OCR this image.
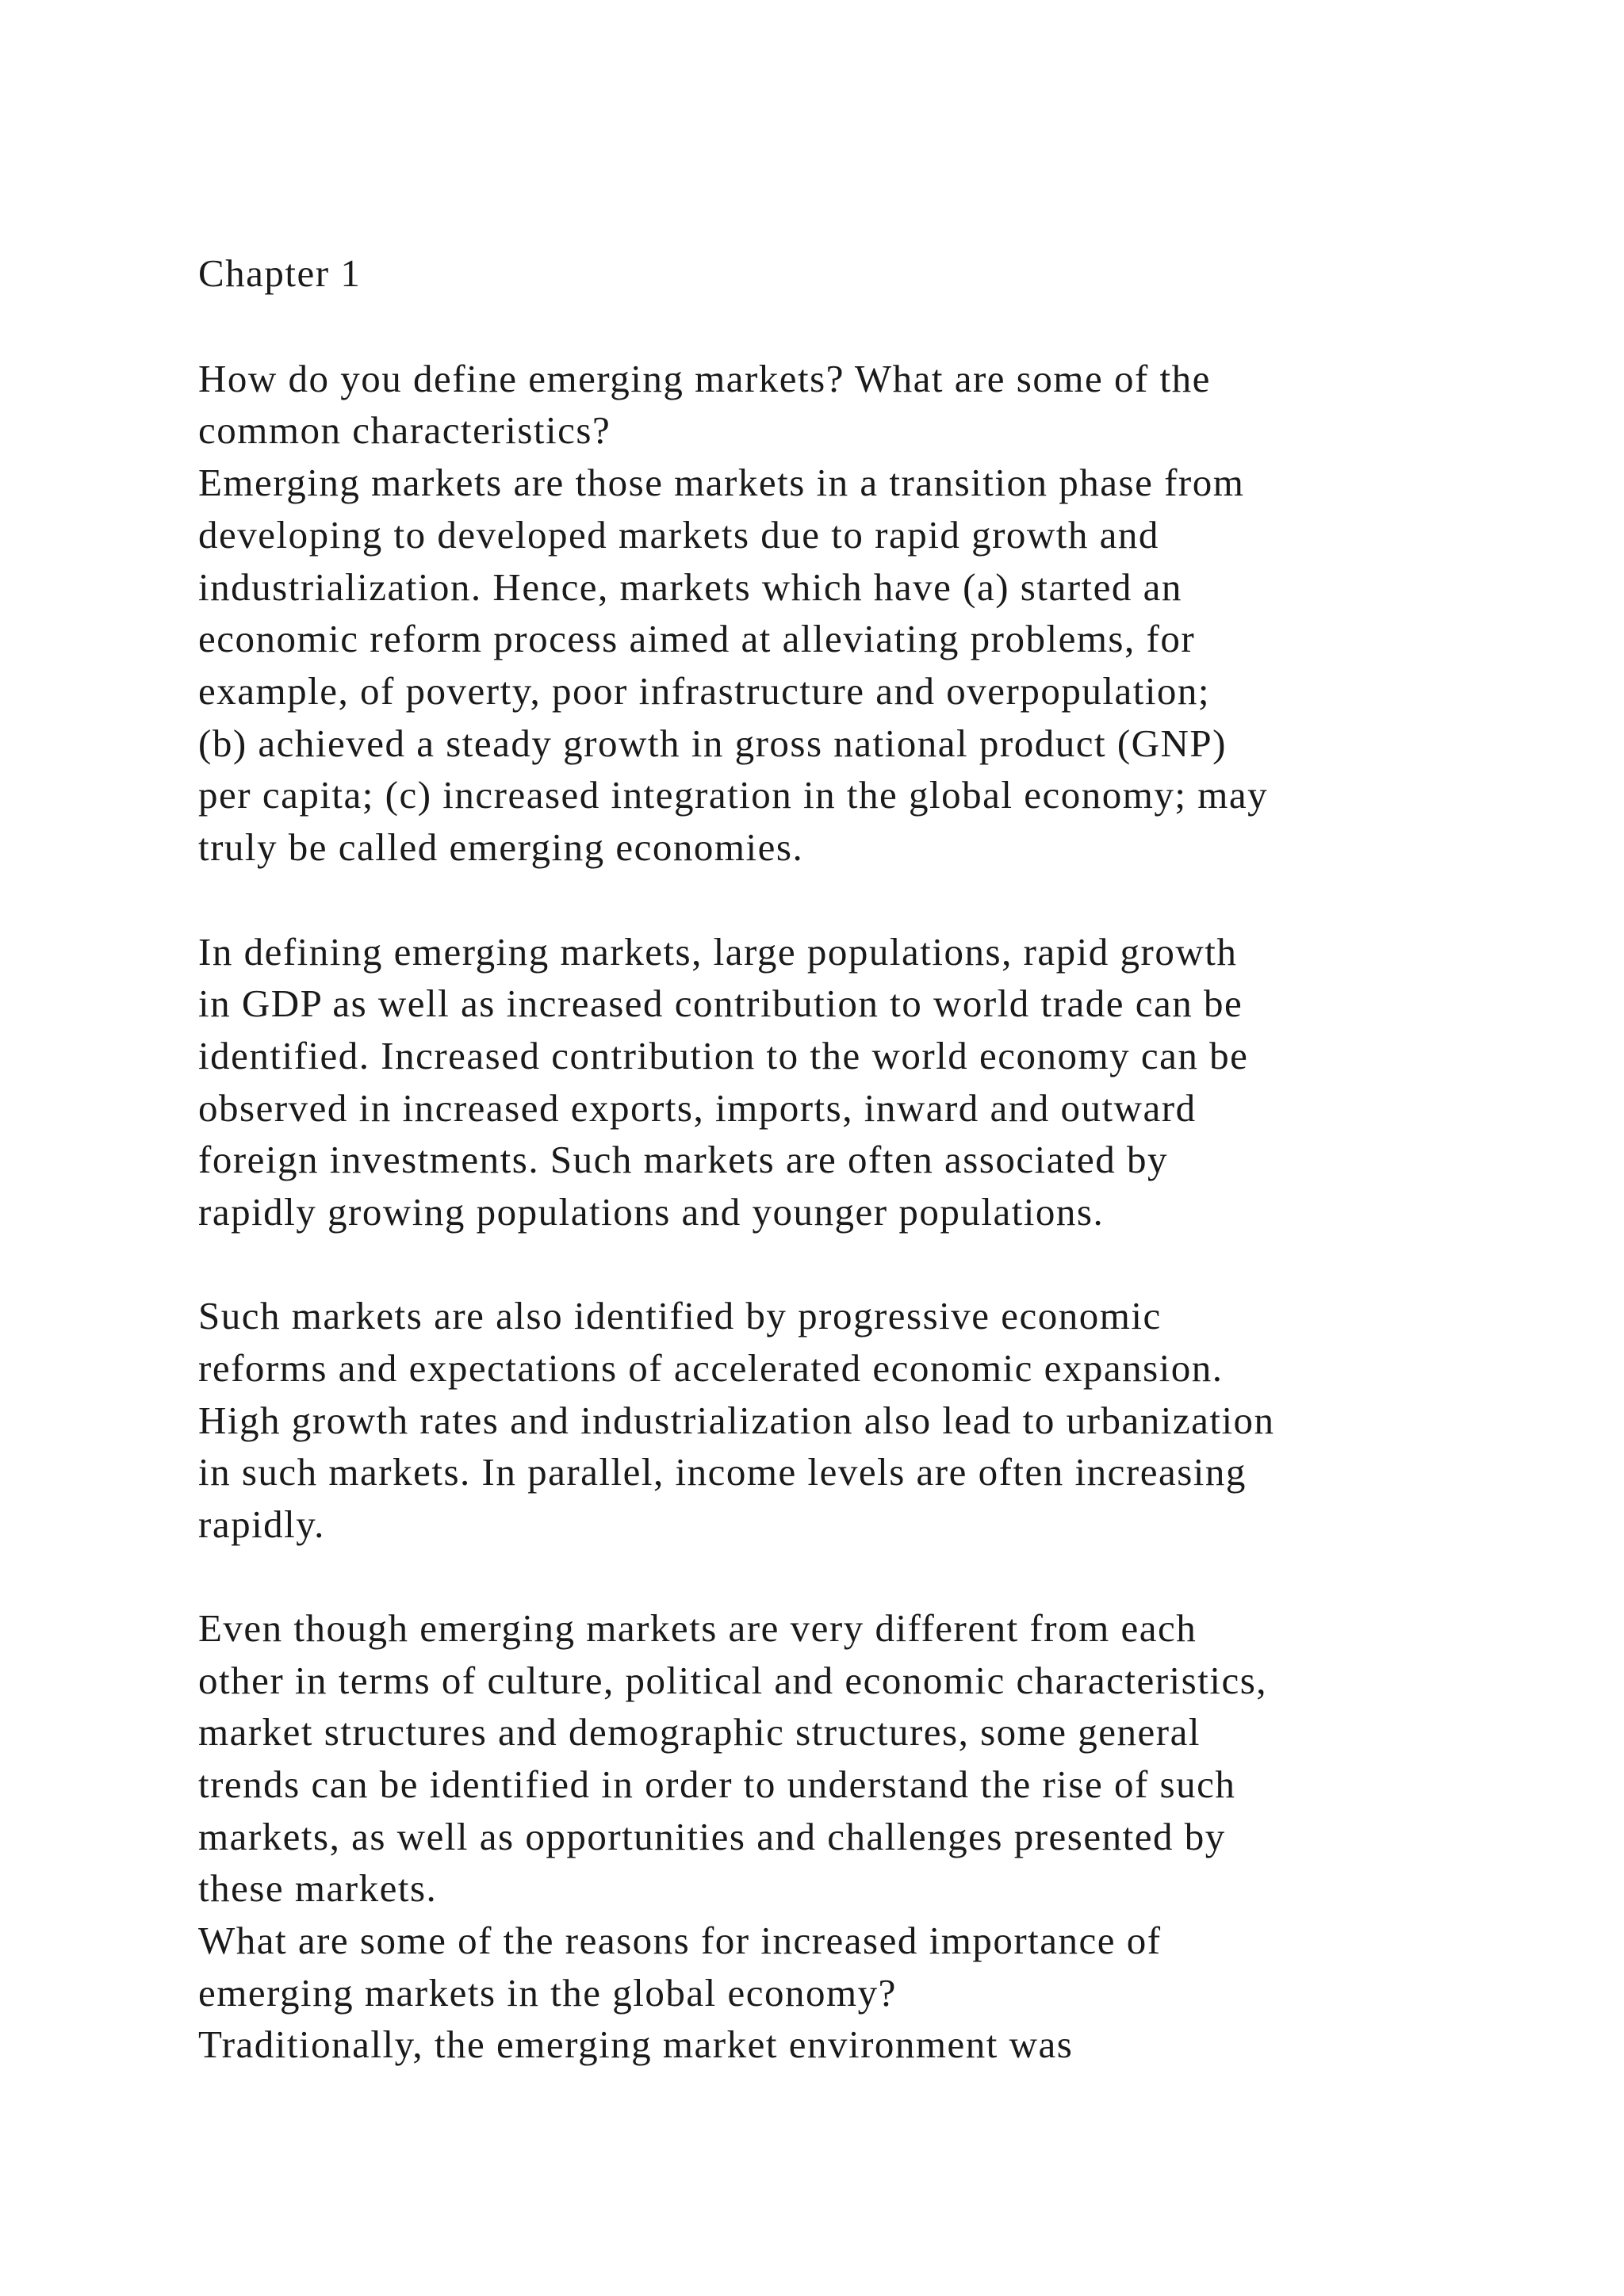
Chapter 1

How do you define emerging markets? What are some of the

common characteristics?

Emerging markets are those markets in a transition phase from

developing to developed markets due to rapid growth and

industrialization. Hence, markets which have (a) started an

economic reform process aimed at alleviating problems, for

example, of poverty, poor infrastructure and overpopulation;

(b) achieved a steady growth in gross national product (GNP)

per capita; (c) increased integration in the global economy; may

truly be called emerging economies.

In defining emerging markets, large populations, rapid growth

in GDP as well as increased contribution to world trade can be

identified. Increased contribution to the world economy can be

observed in increased exports, imports, inward and outward

foreign investments. Such markets are often associated by

rapidly growing populations and younger populations.

Such markets are also identified by progressive economic

reforms and expectations of accelerated economic expansion.

High growth rates and industrialization also lead to urbanization

in such markets. In parallel, income levels are often increasing

rapidly.

Even though emerging markets are very different from each

other in terms of culture, political and economic characteristics,

market structures and demographic structures, some general

trends can be identified in order to understand the rise of such

markets, as well as opportunities and challenges presented by

these markets.

What are some of the reasons for increased importance of

emerging markets in the global economy?

Traditionally, the emerging market environment was
